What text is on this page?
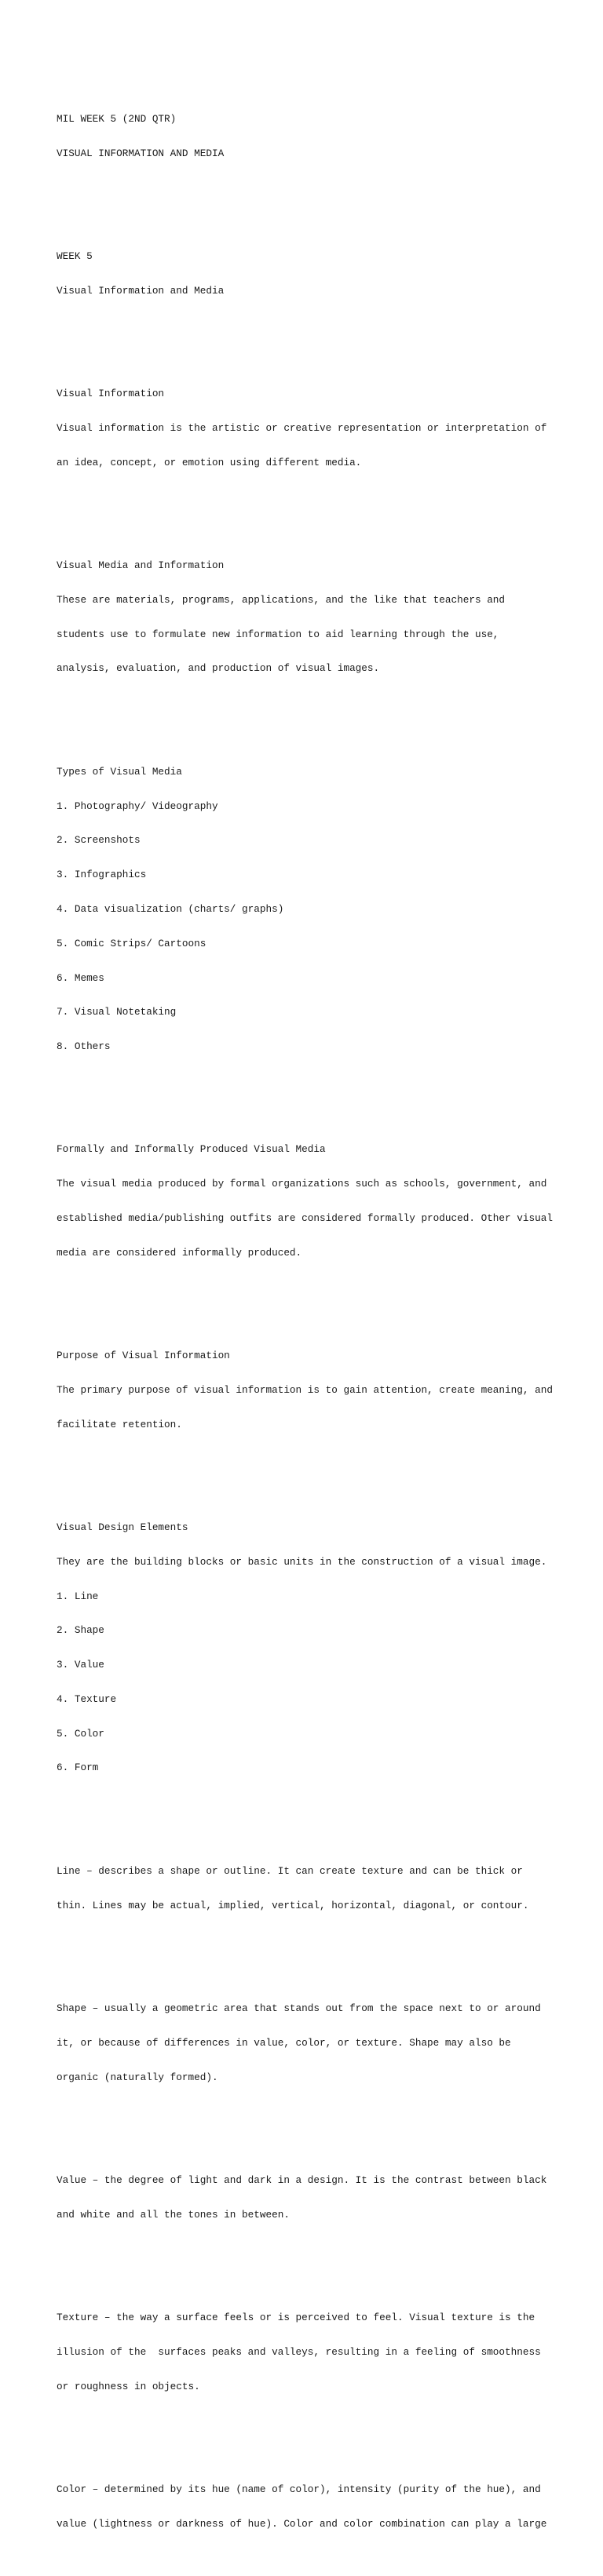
MIL WEEK 5 (2ND QTR)

VISUAL INFORMATION AND MEDIA

WEEK 5

Visual Information and Media

Visual Information

Visual information is the artistic or creative representation or interpretation of

an idea, concept, or emotion using different media.

Visual Media and Information

These are materials, programs, applications, and the like that teachers and

students use to formulate new information to aid learning through the use,

analysis, evaluation, and production of visual images.

Types of Visual Media

1. Photography/ Videography

2. Screenshots

3. Infographics

4. Data visualization (charts/ graphs)

5. Comic Strips/ Cartoons

6. Memes

7. Visual Notetaking

8. Others

Formally and Informally Produced Visual Media

The visual media produced by formal organizations such as schools, government, and

established media/publishing outfits are considered formally produced. Other visual

media are considered informally produced.

Purpose of Visual Information

The primary purpose of visual information is to gain attention, create meaning, and

facilitate retention.

Visual Design Elements

They are the building blocks or basic units in the construction of a visual image.

1. Line

2. Shape

3. Value

4. Texture

5. Color

6. Form

Line – describes a shape or outline. It can create texture and can be thick or

thin. Lines may be actual, implied, vertical, horizontal, diagonal, or contour.

Shape – usually a geometric area that stands out from the space next to or around

it, or because of differences in value, color, or texture. Shape may also be

organic (naturally formed).

Value – the degree of light and dark in a design. It is the contrast between black

and white and all the tones in between.

Texture – the way a surface feels or is perceived to feel. Visual texture is the

illusion of the  surfaces peaks and valleys, resulting in a feeling of smoothness

or roughness in objects.

Color – determined by its hue (name of color), intensity (purity of the hue), and

value (lightness or darkness of hue). Color and color combination can play a large
